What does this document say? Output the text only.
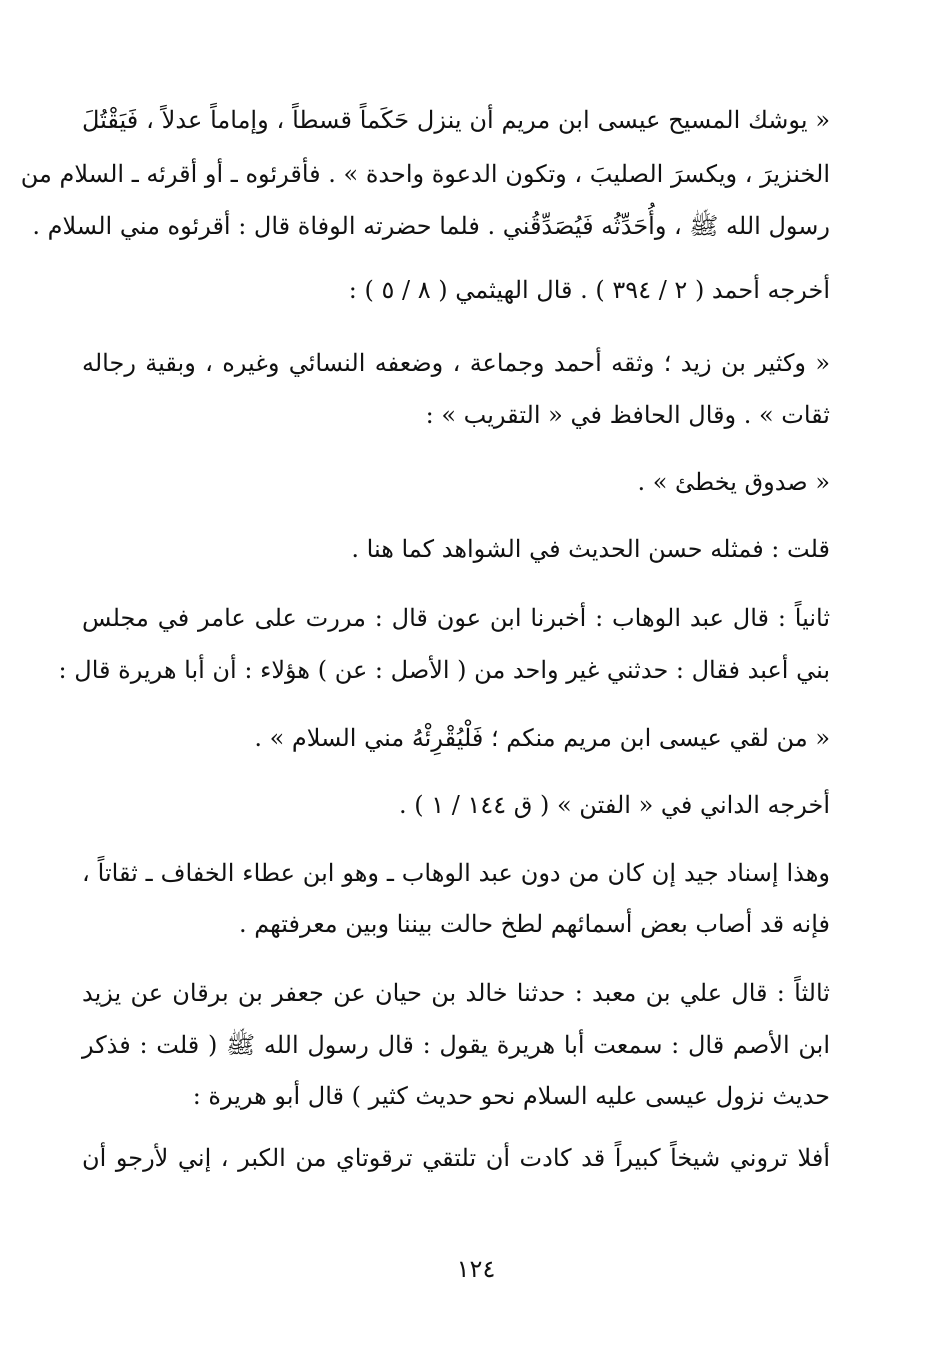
« يوشك المسيح عيسى ابن مريم أن ينزل حَكَماً قسطاً ، وإماماً عدلاً ، فَيَقْتُلَ
الخنزيرَ ، ويكسرَ الصليبَ ، وتكون الدعوة واحدة » . فأقرئوه ـ أو أقرئه ـ السلام من
رسول الله ﷺ ، وأُحَدِّثُه فَيُصَدِّقُني . فلما حضرته الوفاة قال : أقرئوه مني السلام .
أخرجه أحمد ( ٢ / ٣٩٤ ) . قال الهيثمي ( ٨ / ٥ ) :
« وكثير بن زيد ؛ وثقه أحمد وجماعة ، وضعفه النسائي وغيره ، وبقية رجاله
ثقات » . وقال الحافظ في « التقريب » :
« صدوق يخطئ » .
قلت : فمثله حسن الحديث في الشواهد كما هنا .
ثانياً : قال عبد الوهاب : أخبرنا ابن عون قال : مررت على عامر في مجلس
بني أعبد فقال : حدثني غير واحد من ( الأصل : عن ) هؤلاء : أن أبا هريرة قال :
« من لقي عيسى ابن مريم منكم ؛ فَلْيُقْرِئْهُ مني السلام » .
أخرجه الداني في « الفتن » ( ق ١٤٤ / ١ ) .
وهذا إسناد جيد إن كان من دون عبد الوهاب ـ وهو ابن عطاء الخفاف ـ ثقاتاً ،
فإنه قد أصاب بعض أسمائهم لطخ حالت بيننا وبين معرفتهم .
ثالثاً : قال علي بن معبد : حدثنا خالد بن حيان عن جعفر بن برقان عن يزيد
ابن الأصم قال : سمعت أبا هريرة يقول : قال رسول الله ﷺ ( قلت : فذكر
حديث نزول عيسى عليه السلام نحو حديث كثير ) قال أبو هريرة :
أفلا تروني شيخاً كبيراً قد كادت أن تلتقي ترقوتاي من الكبر ، إني لأرجو أن
١٢٤
